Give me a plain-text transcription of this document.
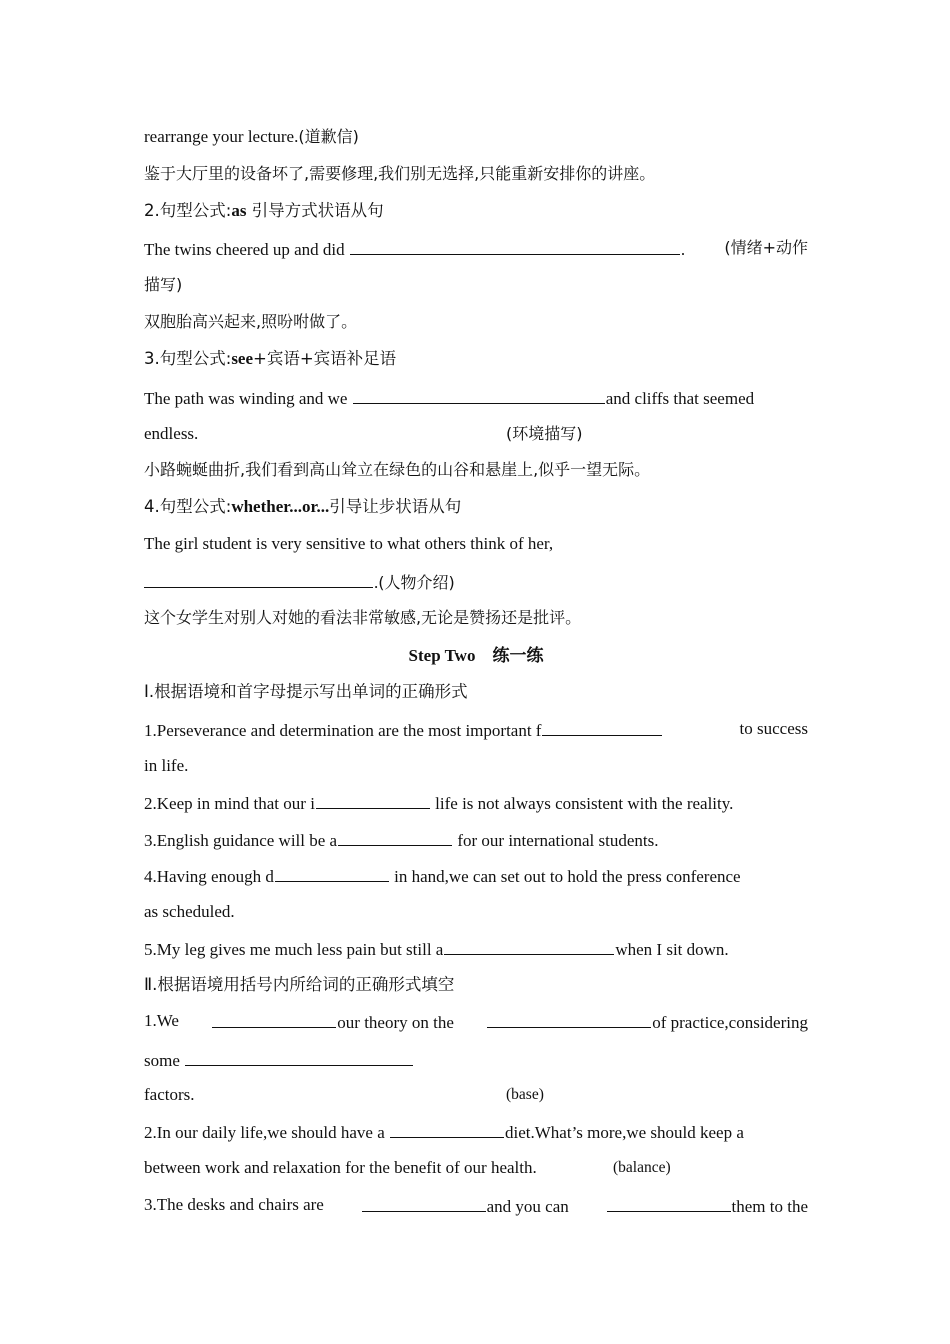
rearrange your lecture.(道歉信)
鉴于大厅里的设备坏了,需要修理,我们别无选择,只能重新安排你的讲座。
2.句型公式:as 引导方式状语从句
The twins cheered up and did	. (情绪+动作
描写)
双胞胎高兴起来,照吩咐做了。
3.句型公式:see+宾语+宾语补足语
The path was winding and we	and cliffs that seemed
endless.	(环境描写)
小路蜿蜒曲折,我们看到高山耸立在绿色的山谷和悬崖上,似乎一望无际。
4.句型公式:whether...or...引导让步状语从句
The girl student is very sensitive to what others think of her,
.(人物介绍)
这个女学生对别人对她的看法非常敏感,无论是赞扬还是批评。
Step Two　练一练
Ⅰ.根据语境和首字母提示写出单词的正确形式
1.Perseverance and determination are the most important f	to success
in life.
2.Keep in mind that our i	life is not always consistent with the reality.
3.English guidance will be a	for our international students.
4.Having enough d	in hand,we can set out to hold the press conference
as scheduled.
5.My leg gives me much less pain but still a	when I sit down.
Ⅱ.根据语境用括号内所给词的正确形式填空
1.We	our theory on the	of practice,considering
some
factors.	(base)
2.In our daily life,we should have a	diet.What’s more,we should keep a
between work and relaxation for the benefit of our health.	(balance)
3.The desks and chairs are	and you can	them to the
